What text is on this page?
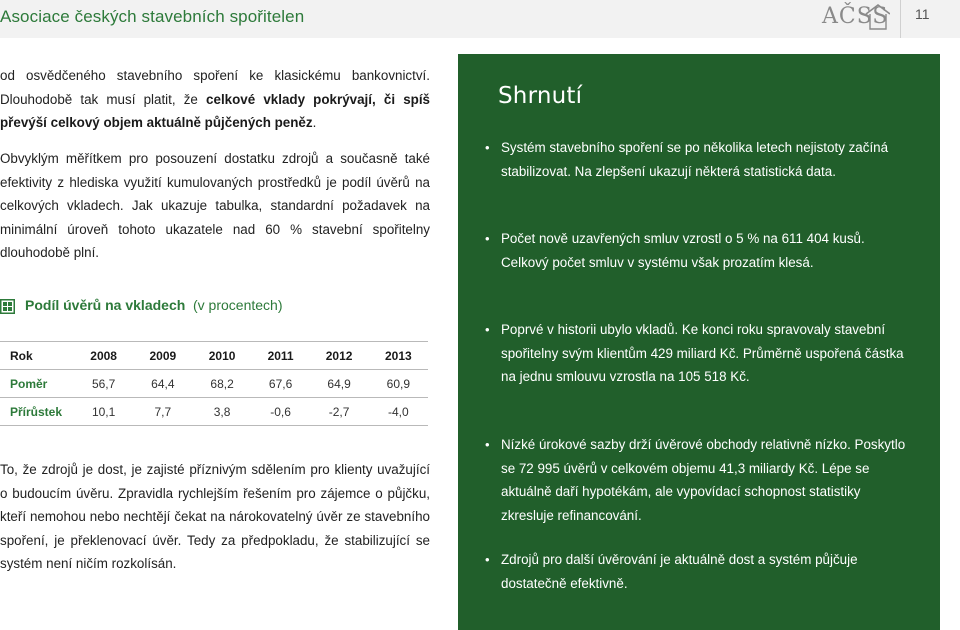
Asociace českých stavebních spořitelen	AČSS 11

od osvědčeného stavebního spoření ke klasickému bankovnictví. Dlouhodobě tak musí platit, že celkové vklady pokrývají, či spíš převýší celkový objem aktuálně půjčených peněz.

Obvyklým měřítkem pro posouzení dostatku zdrojů a současně také efektivity z hlediska využití kumulovaných prostředků je podíl úvěrů na celkových vkladech. Jak ukazuje tabulka, standardní požadavek na minimální úroveň tohoto ukazatele nad 60 % stavební spořitelny dlouhodobě plní.

Podíl úvěrů na vkladech (v procentech)
Rok	2008	2009	2010	2011	2012	2013
Poměr	56,7	64,4	68,2	67,6	64,9	60,9
Přírůstek	10,1	7,7	3,8	-0,6	-2,7	-4,0

To, že zdrojů je dost, je zajisté příznivým sdělením pro klienty uvažující o budoucím úvěru. Zpravidla rychlejším řešením pro zájemce o půjčku, kteří nemohou nebo nechtějí čekat na nárokovatelný úvěr ze stavebního spoření, je překlenovací úvěr. Tedy za předpokladu, že stabilizující se systém není ničím rozkolísán.

Shrnutí
• Systém stavebního spoření se po několika letech nejistoty začíná stabilizovat. Na zlepšení ukazují některá statistická data.
• Počet nově uzavřených smluv vzrostl o 5 % na 611 404 kusů. Celkový počet smluv v systému však prozatím klesá.
• Poprvé v historii ubylo vkladů. Ke konci roku spravovaly stavební spořitelny svým klientům 429 miliard Kč. Průměrně uspořená částka na jednu smlouvu vzrostla na 105 518 Kč.
• Nízké úrokové sazby drží úvěrové obchody relativně nízko. Poskytlo se 72 995 úvěrů v celkovém objemu 41,3 miliardy Kč. Lépe se aktuálně daří hypotékám, ale vypovídací schopnost statistiky zkresluje refinancování.
• Zdrojů pro další úvěrování je aktuálně dost a systém půjčuje dostatečně efektivně.
